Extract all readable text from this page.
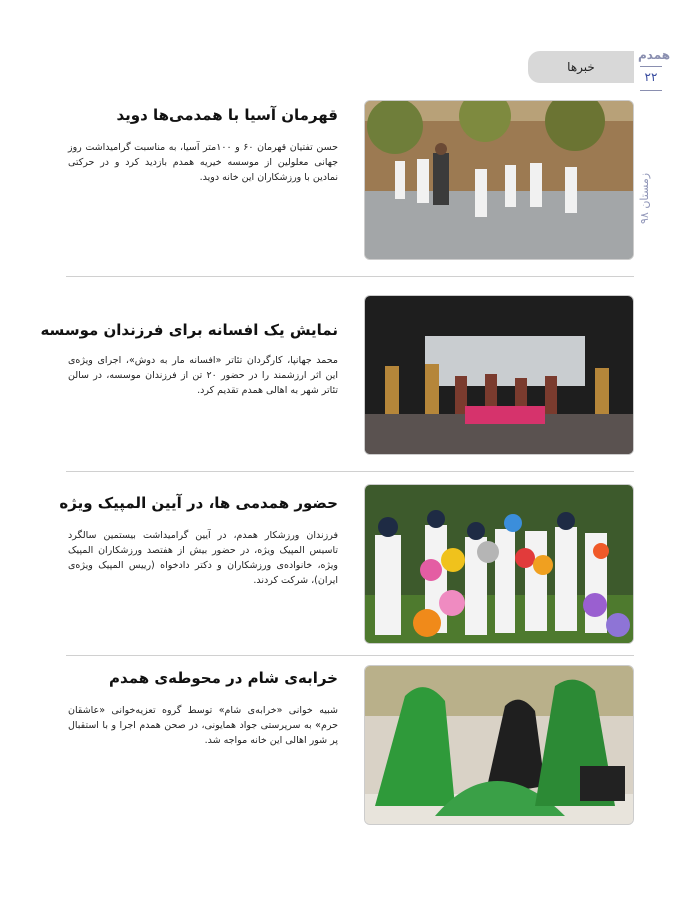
همدم
۲۲
زمستان ۹۸
خبرها
قهرمان آسیا با همدمی‌ها دوید
حسن تفتیان قهرمان ۶۰ و ۱۰۰متر آسیا، به مناسبت گرامیداشت روز جهانی معلولین از موسسه خیریه همدم بازدید کرد و در حرکتی نمادین با ورزشکاران این خانه دوید.
نمایش یک افسانه برای فرزندان موسسه
محمد جهانپا، کارگردان تئاتر «افسانه مار به دوش»، اجرای ویژه‌ی این اثر ارزشمند را در حضور ۲۰ تن از فرزندان موسسه، در سالن تئاتر شهر به اهالی همدم تقدیم کرد.
حضور همدمی ها، در آیین المپیک ویژه
فرزندان ورزشکار همدم، در آیین گرامیداشت بیستمین سالگرد تاسیس المپیک ویژه، در حضور بیش از هفتصد ورزشکاران المپیک ویژه، خانواده‌ی ورزشکاران و دکتر دادخواه (رییس المپیک ویژه‌ی ایران)، شرکت کردند.
خرابه‌ی شام در محوطه‌ی همدم
شبیه خوانی «خرابه‌ی شام» توسط گروه تعزیه‌خوانی «عاشقان حرم» به سرپرستی جواد همایونی، در صحن همدم اجرا و با استقبال پر شور اهالی این خانه مواجه شد.
